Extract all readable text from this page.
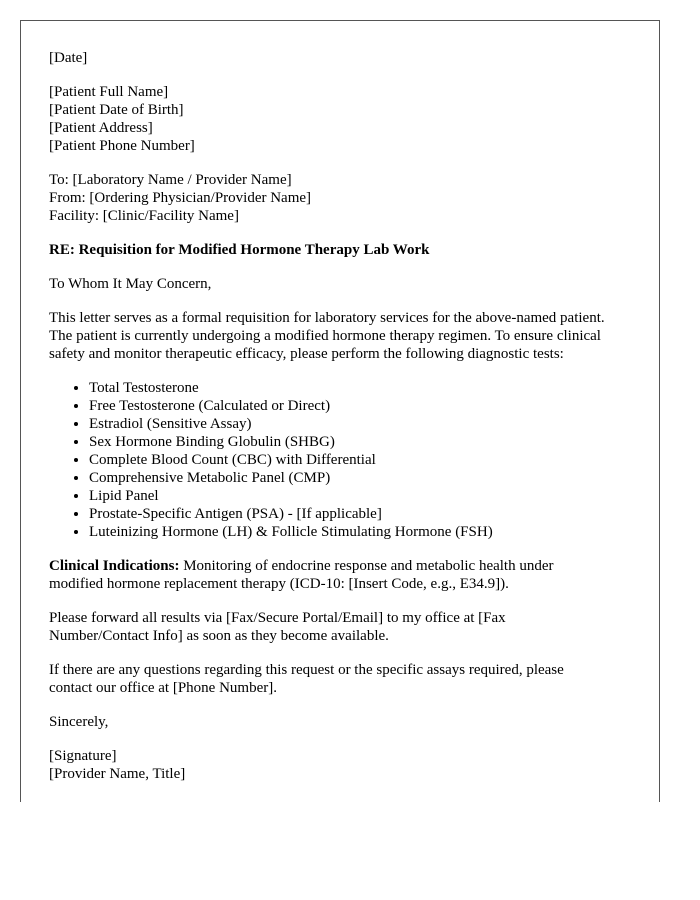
[Date]
[Patient Full Name]
[Patient Date of Birth]
[Patient Address]
[Patient Phone Number]
To: [Laboratory Name / Provider Name]
From: [Ordering Physician/Provider Name]
Facility: [Clinic/Facility Name]
RE: Requisition for Modified Hormone Therapy Lab Work

To Whom It May Concern,

This letter serves as a formal requisition for laboratory services for the above-named patient. The patient is currently undergoing a modified hormone therapy regimen. To ensure clinical safety and monitor therapeutic efficacy, please perform the following diagnostic tests:

• Total Testosterone
• Free Testosterone (Calculated or Direct)
• Estradiol (Sensitive Assay)
• Sex Hormone Binding Globulin (SHBG)
• Complete Blood Count (CBC) with Differential
• Comprehensive Metabolic Panel (CMP)
• Lipid Panel
• Prostate-Specific Antigen (PSA) - [If applicable]
• Luteinizing Hormone (LH) & Follicle Stimulating Hormone (FSH)

Clinical Indications: Monitoring of endocrine response and metabolic health under modified hormone replacement therapy (ICD-10: [Insert Code, e.g., E34.9]).

Please forward all results via [Fax/Secure Portal/Email] to my office at [Fax Number/Contact Info] as soon as they become available.

If there are any questions regarding this request or the specific assays required, please contact our office at [Phone Number].

Sincerely,

[Signature]
[Provider Name, Title]
